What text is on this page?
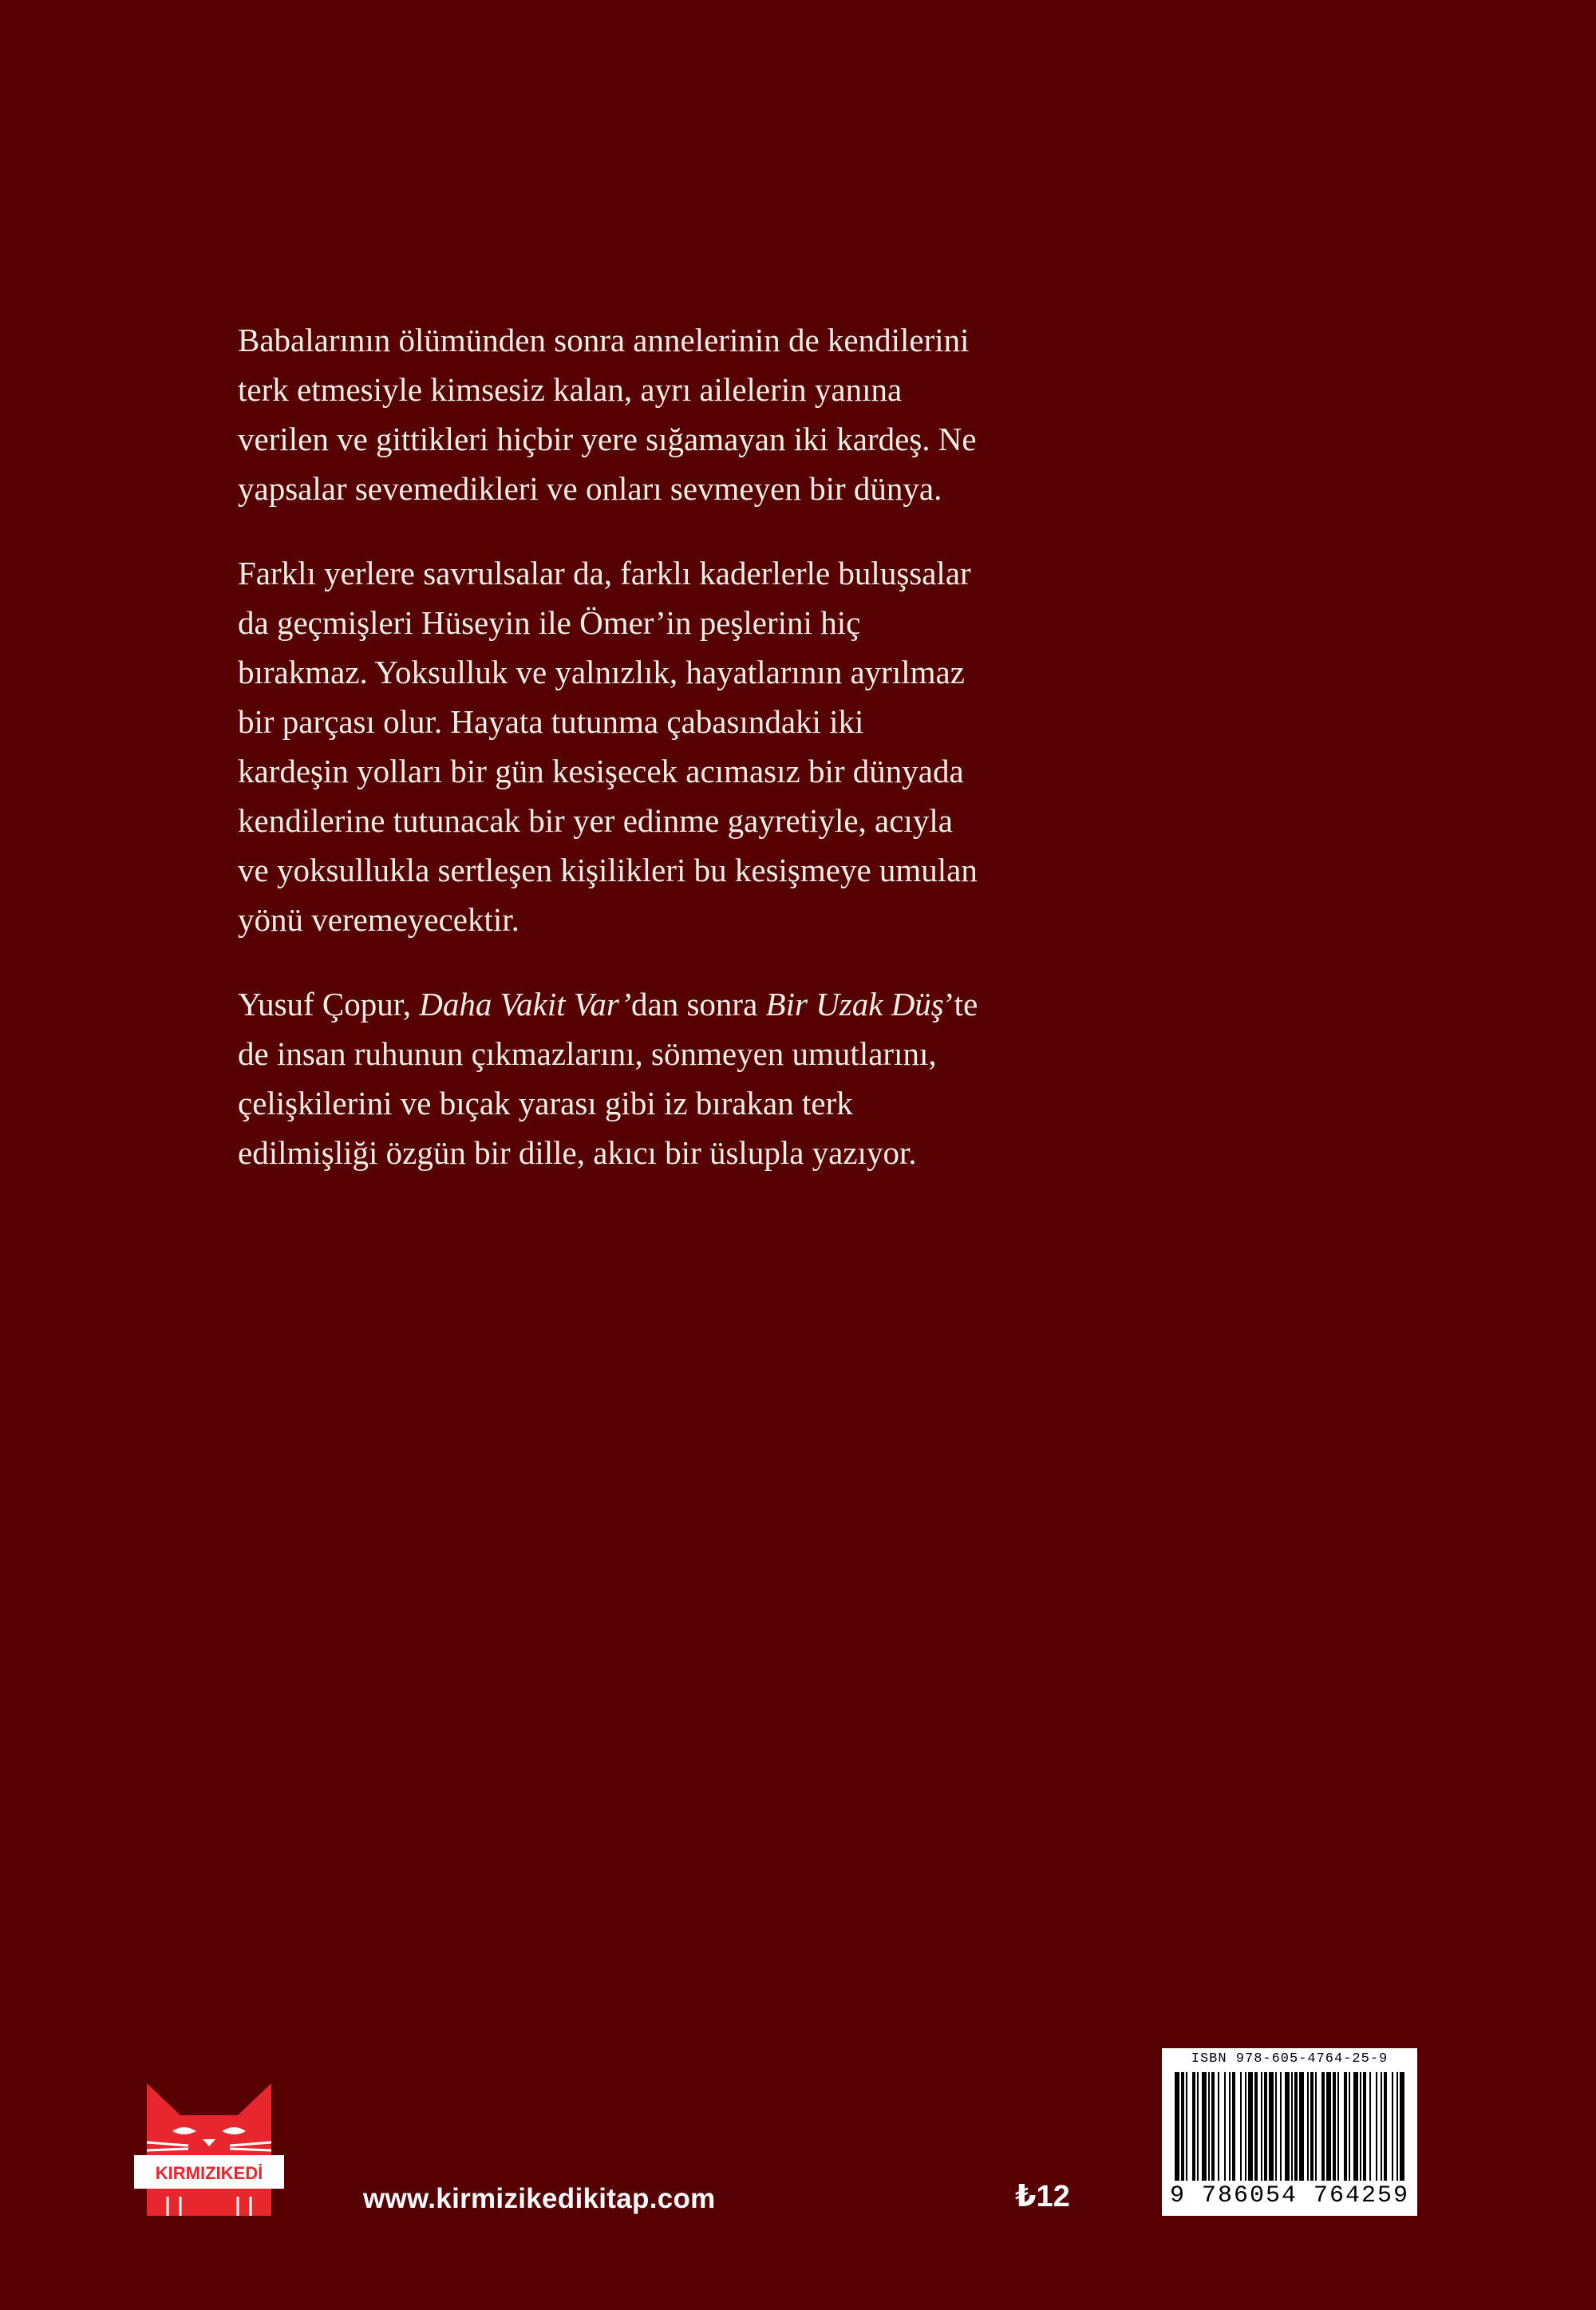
Babalarının ölümünden sonra annelerinin de kendilerini
terk etmesiyle kimsesiz kalan, ayrı ailelerin yanına
verilen ve gittikleri hiçbir yere sığamayan iki kardeş. Ne
yapsalar sevemedikleri ve onları sevmeyen bir dünya.

Farklı yerlere savrulsalar da, farklı kaderlerle buluşsalar
da geçmişleri Hüseyin ile Ömer’in peşlerini hiç
bırakmaz. Yoksulluk ve yalnızlık, hayatlarının ayrılmaz
bir parçası olur. Hayata tutunma çabasındaki iki
kardeşin yolları bir gün kesişecek acımasız bir dünyada
kendilerine tutunacak bir yer edinme gayretiyle, acıyla
ve yoksullukla sertleşen kişilikleri bu kesişmeye umulan
yönü veremeyecektir.

Yusuf Çopur, Daha Vakit Var’dan sonra Bir Uzak Düş’te
de insan ruhunun çıkmazlarını, sönmeyen umutlarını,
çelişkilerini ve bıçak yarası gibi iz bırakan terk
edilmişliği özgün bir dille, akıcı bir üslupla yazıyor.

KIRMIZIKEDİ
www.kirmizikedikitap.com	₺12
ISBN 978-605-4764-25-9
9 786054 764259
